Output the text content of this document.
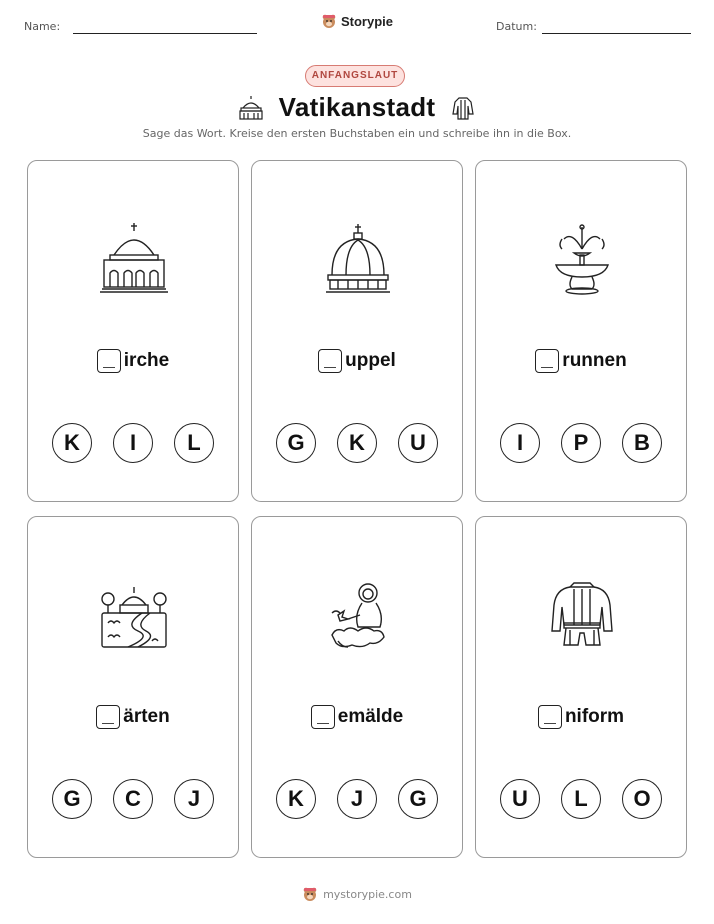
Name:	Storypie	Datum:
ANFANGSLAUT
Vatikanstadt
Sage das Wort. Kreise den ersten Buchstaben ein und schreibe ihn in die Box.
irche
K	I	L
uppel
G	K	U
runnen
I	P	B
ärten
G	C	J
emälde
K	J	G
niform
U	L	O
mystorypie.com
